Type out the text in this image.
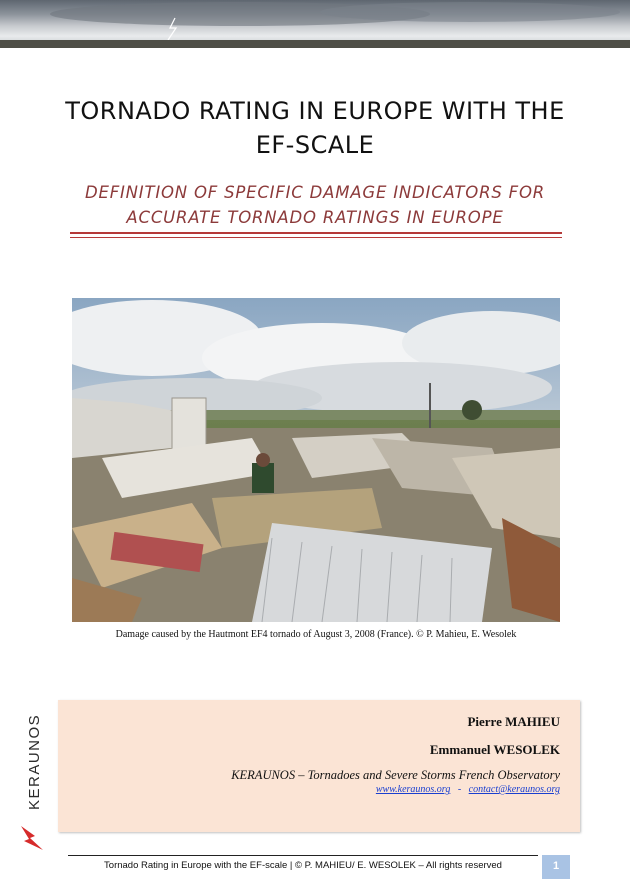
TORNADO RATING IN EUROPE WITH THE EF-SCALE
DEFINITION OF SPECIFIC DAMAGE INDICATORS FOR ACCURATE TORNADO RATINGS IN EUROPE
Damage caused by the Hautmont EF4 tornado of August 3, 2008 (France). © P. Mahieu, E. Wesolek
KERAUNOS	Pierre MAHIEU
Emmanuel WESOLEK
KERAUNOS – Tornadoes and Severe Storms French Observatory
www.keraunos.org - contact@keraunos.org
Tornado Rating in Europe with the EF-scale | © P. MAHIEU/ E. WESOLEK – All rights reserved	1
